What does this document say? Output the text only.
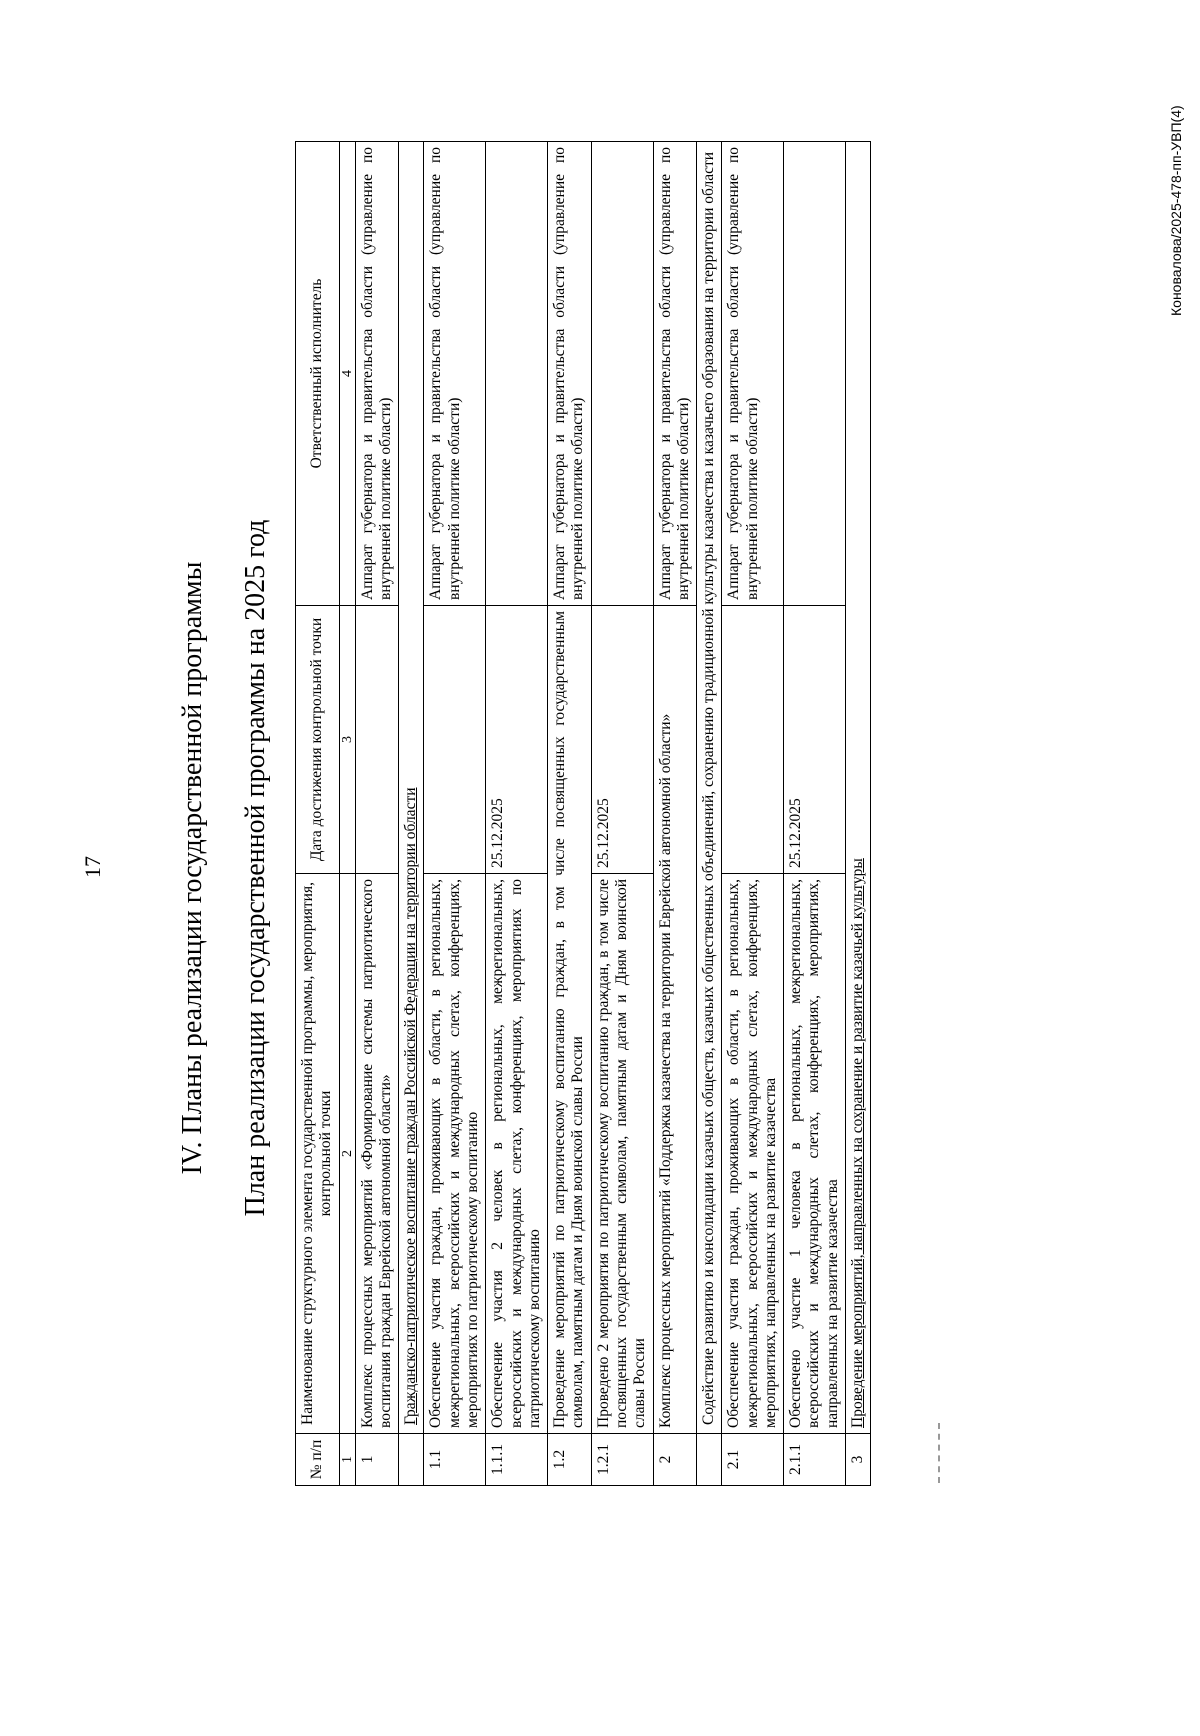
17	IV. Планы реализации государственной программы План реализации государственной программы на 2025 год
№ п/п	Наименование структурного элемента государственной программы, мероприятия, контрольной точки	Дата достижения контрольной точки	Ответственный исполнитель
1	2	3	4
1	Комплекс процессных мероприятий «Формирование системы патриотического воспитания граждан Еврейской автономной области»		Аппарат губернатора и правительства области (управление по внутренней политике области)
	Гражданско-патриотическое воспитание граждан Российской Федерации на территории области		
1.1	Обеспечение участия граждан, проживающих в области, в региональных, межрегиональных, всероссийских и международных слетах, конференциях, мероприятиях по патриотическому воспитанию		Аппарат губернатора и правительства области (управление по внутренней политике области)
1.1.1	Обеспечение участия 2 человек в региональных, межрегиональных, всероссийских и международных слетах, конференциях, мероприятиях по патриотическому воспитанию	25.12.2025	
1.2	Проведение мероприятий по патриотическому воспитанию граждан, в том числе посвященных государственным символам, памятным датам и Дням воинской славы России		Аппарат губернатора и правительства области (управление по внутренней политике области)
1.2.1	Проведено 2 мероприятия по патриотическому воспитанию граждан, в том числе посвященных государственным символам, памятным датам и Дням воинской славы России	25.12.2025	
2	Комплекс процессных мероприятий «Поддержка казачества на территории Еврейской автономной области»		Аппарат губернатора и правительства области (управление по внутренней политике области)
	Содействие развитию и консолидации казачьих обществ, казачьих общественных объединений, сохранению традиционной культуры казачества и казачьего образования на территории области		
2.1	Обеспечение участия граждан, проживающих в области, в региональных, межрегиональных, всероссийских и международных слетах, конференциях, мероприятиях, направленных на развитие казачества		Аппарат губернатора и правительства области (управление по внутренней политике области)
2.1.1	Обеспечено участие 1 человека в региональных, межрегиональных, всероссийских и международных слетах, конференциях, мероприятиях, направленных на развитие казачества	25.12.2025	
3	Проведение мероприятий, направленных на сохранение и развитие казачьей культуры		
Коновалова/2025-478-пп-УВП(4)
